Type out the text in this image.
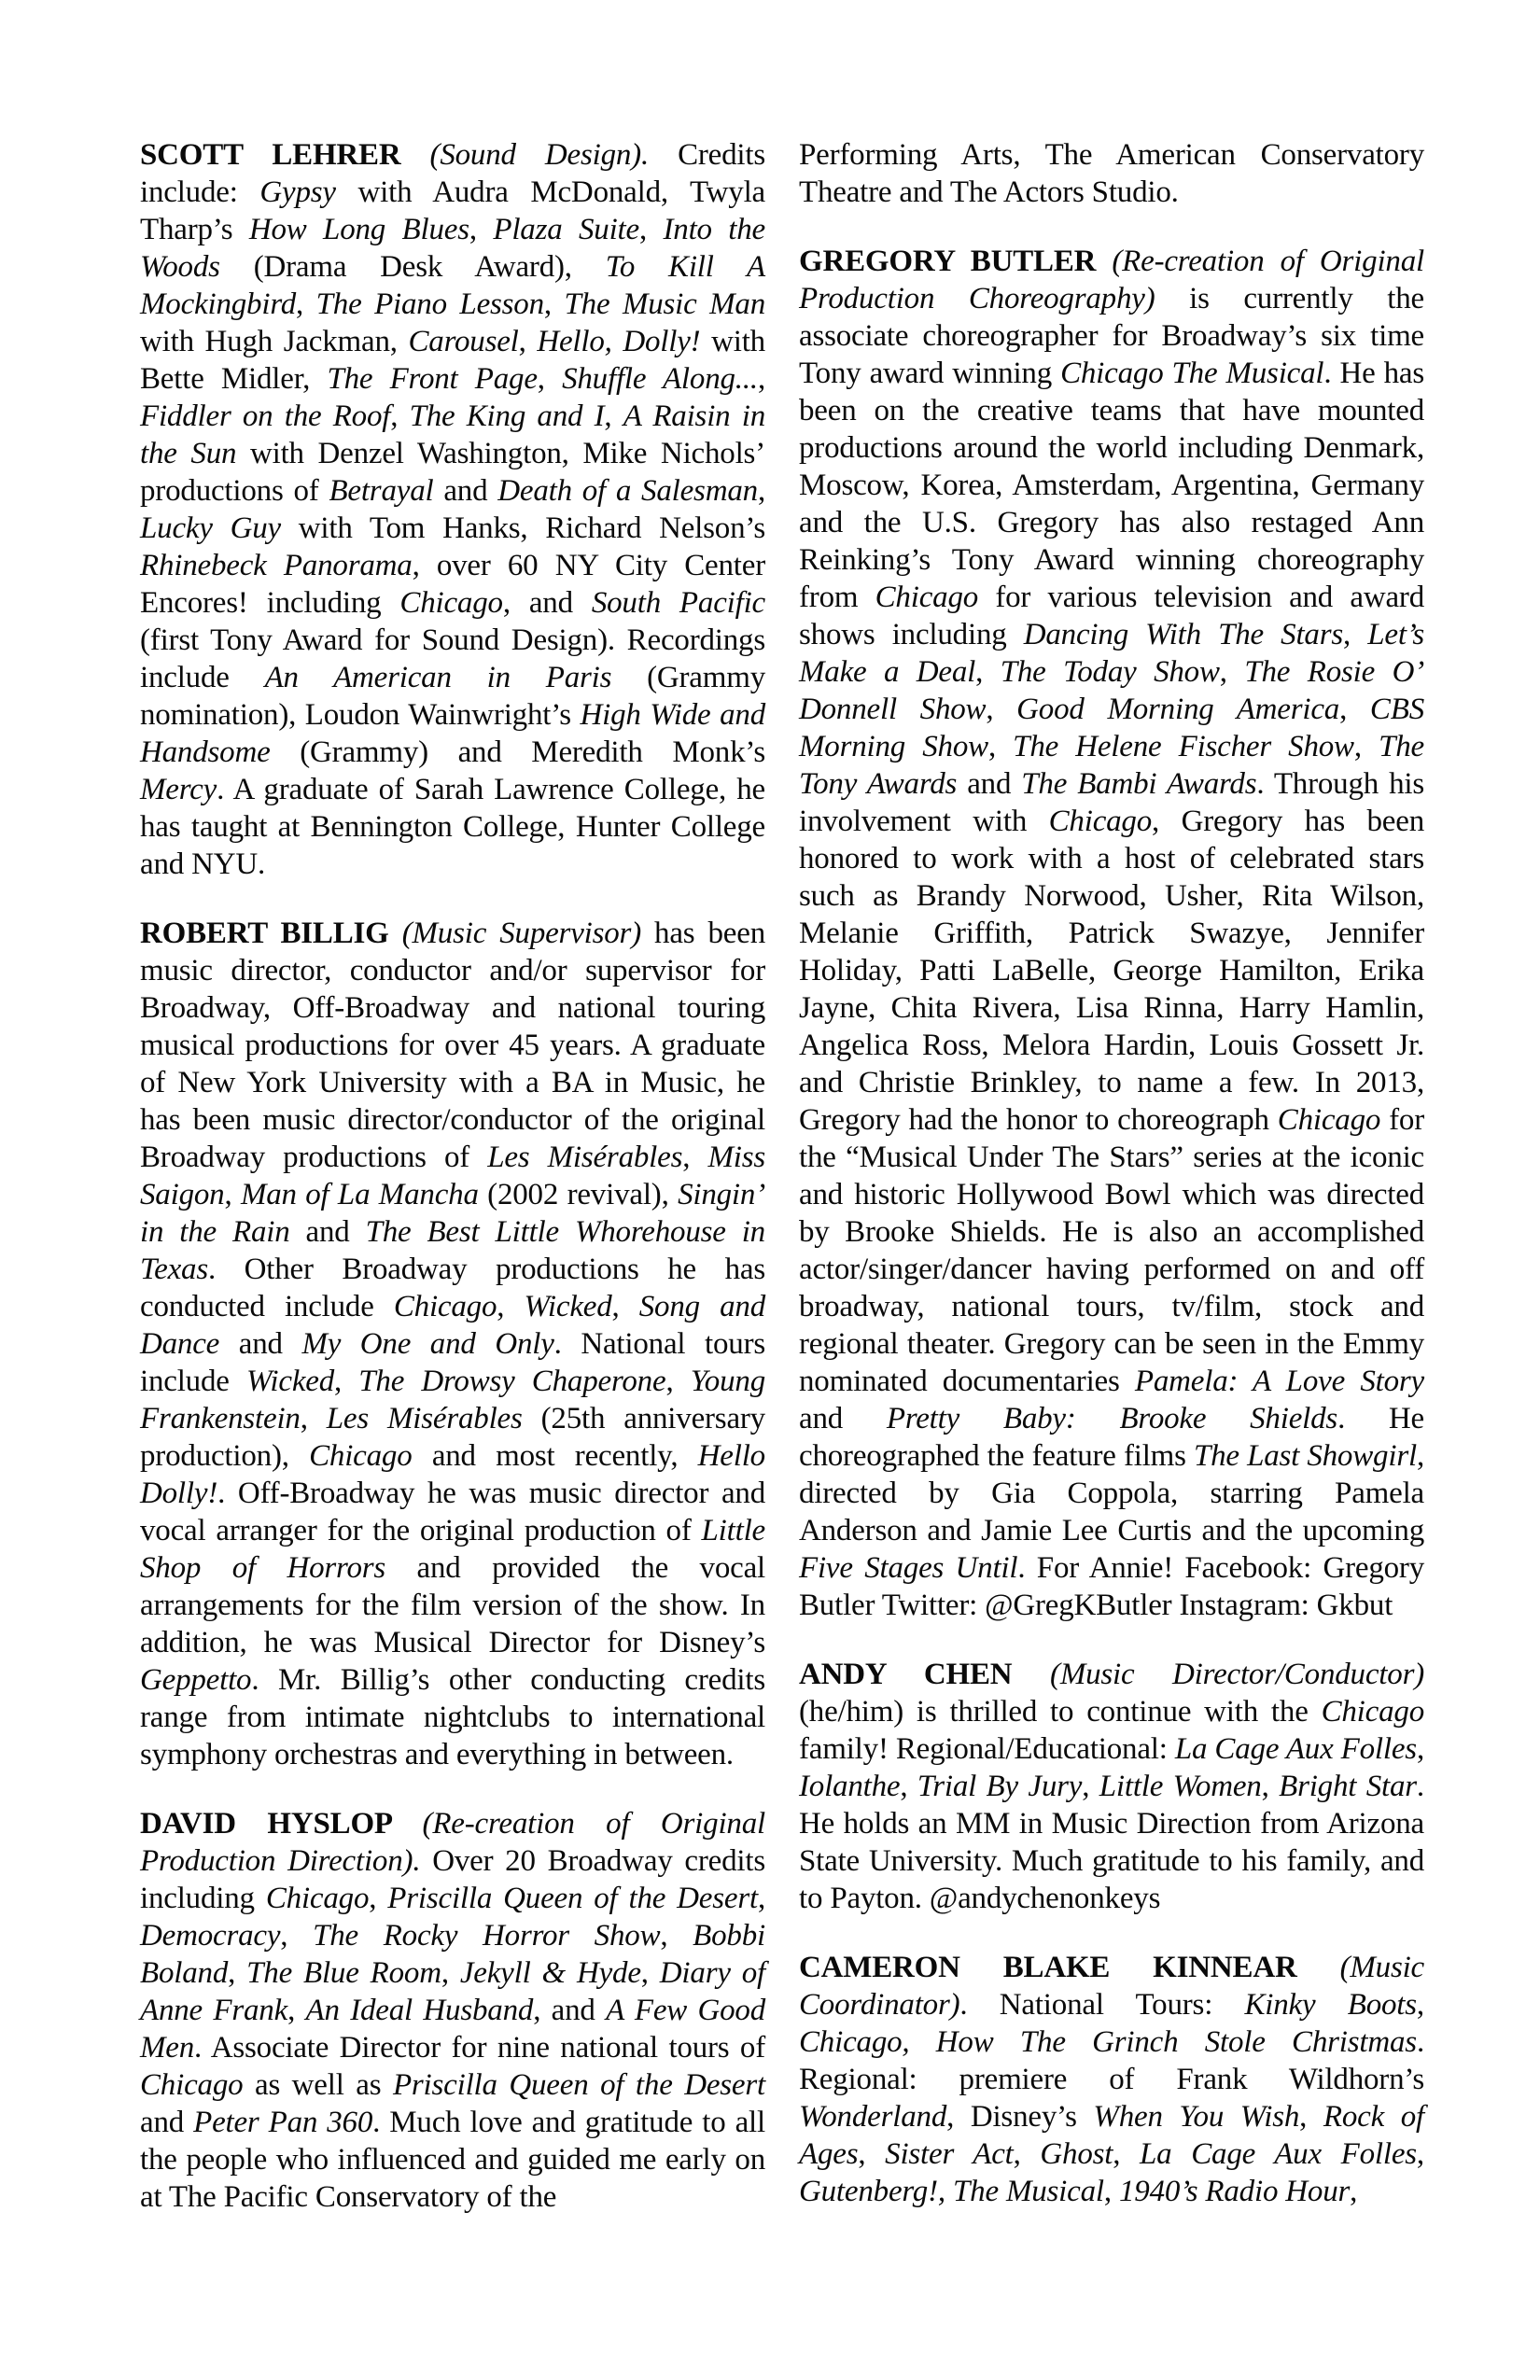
SCOTT LEHRER (Sound Design). Credits include: Gypsy with Audra McDonald, Twyla Tharp’s How Long Blues, Plaza Suite, Into the Woods (Drama Desk Award), To Kill A Mockingbird, The Piano Lesson, The Music Man with Hugh Jackman, Carousel, Hello, Dolly! with Bette Midler, The Front Page, Shuffle Along..., Fiddler on the Roof, The King and I, A Raisin in the Sun with Denzel Washington, Mike Nichols’ productions of Betrayal and Death of a Salesman, Lucky Guy with Tom Hanks, Richard Nelson’s Rhinebeck Panorama, over 60 NY City Center Encores! including Chicago, and South Pacific (first Tony Award for Sound Design). Recordings include An American in Paris (Grammy nomination), Loudon Wainwright’s High Wide and Handsome (Grammy) and Meredith Monk’s Mercy. A graduate of Sarah Lawrence College, he has taught at Bennington College, Hunter College and NYU.

ROBERT BILLIG (Music Supervisor) has been music director, conductor and/or supervisor for Broadway, Off-Broadway and national touring musical productions for over 45 years. A graduate of New York University with a BA in Music, he has been music director/conductor of the original Broadway productions of Les Misérables, Miss Saigon, Man of La Mancha (2002 revival), Singin’ in the Rain and The Best Little Whorehouse in Texas. Other Broadway productions he has conducted include Chicago, Wicked, Song and Dance and My One and Only. National tours include Wicked, The Drowsy Chaperone, Young Frankenstein, Les Misérables (25th anniversary production), Chicago and most recently, Hello Dolly!. Off-Broadway he was music director and vocal arranger for the original production of Little Shop of Horrors and provided the vocal arrangements for the film version of the show. In addition, he was Musical Director for Disney’s Geppetto. Mr. Billig’s other conducting credits range from intimate nightclubs to international symphony orchestras and everything in between.

DAVID HYSLOP (Re-creation of Original Production Direction). Over 20 Broadway credits including Chicago, Priscilla Queen of the Desert, Democracy, The Rocky Horror Show, Bobbi Boland, The Blue Room, Jekyll & Hyde, Diary of Anne Frank, An Ideal Husband, and A Few Good Men. Associate Director for nine national tours of Chicago as well as Priscilla Queen of the Desert and Peter Pan 360. Much love and gratitude to all the people who influenced and guided me early on at The Pacific Conservatory of the

Performing Arts, The American Conservatory Theatre and The Actors Studio.

GREGORY BUTLER (Re-creation of Original Production Choreography) is currently the associate choreographer for Broadway’s six time Tony award winning Chicago The Musical. He has been on the creative teams that have mounted productions around the world including Denmark, Moscow, Korea, Amsterdam, Argentina, Germany and the U.S. Gregory has also restaged Ann Reinking’s Tony Award winning choreography from Chicago for various television and award shows including Dancing With The Stars, Let’s Make a Deal, The Today Show, The Rosie O’ Donnell Show, Good Morning America, CBS Morning Show, The Helene Fischer Show, The Tony Awards and The Bambi Awards. Through his involvement with Chicago, Gregory has been honored to work with a host of celebrated stars such as Brandy Norwood, Usher, Rita Wilson, Melanie Griffith, Patrick Swazye, Jennifer Holiday, Patti LaBelle, George Hamilton, Erika Jayne, Chita Rivera, Lisa Rinna, Harry Hamlin, Angelica Ross, Melora Hardin, Louis Gossett Jr. and Christie Brinkley, to name a few. In 2013, Gregory had the honor to choreograph Chicago for the “Musical Under The Stars” series at the iconic and historic Hollywood Bowl which was directed by Brooke Shields. He is also an accomplished actor/singer/dancer having performed on and off broadway, national tours, tv/film, stock and regional theater. Gregory can be seen in the Emmy nominated documentaries Pamela: A Love Story and Pretty Baby: Brooke Shields. He choreographed the feature films The Last Showgirl, directed by Gia Coppola, starring Pamela Anderson and Jamie Lee Curtis and the upcoming Five Stages Until. For Annie! Facebook: Gregory Butler Twitter: @GregKButler Instagram: Gkbut

ANDY CHEN (Music Director/Conductor) (he/him) is thrilled to continue with the Chicago family! Regional/Educational: La Cage Aux Folles, Iolanthe, Trial By Jury, Little Women, Bright Star. He holds an MM in Music Direction from Arizona State University. Much gratitude to his family, and to Payton. @andychenonkeys

CAMERON BLAKE KINNEAR (Music Coordinator). National Tours: Kinky Boots, Chicago, How The Grinch Stole Christmas. Regional: premiere of Frank Wildhorn’s Wonderland, Disney’s When You Wish, Rock of Ages, Sister Act, Ghost, La Cage Aux Folles, Gutenberg!, The Musical, 1940’s Radio Hour,
